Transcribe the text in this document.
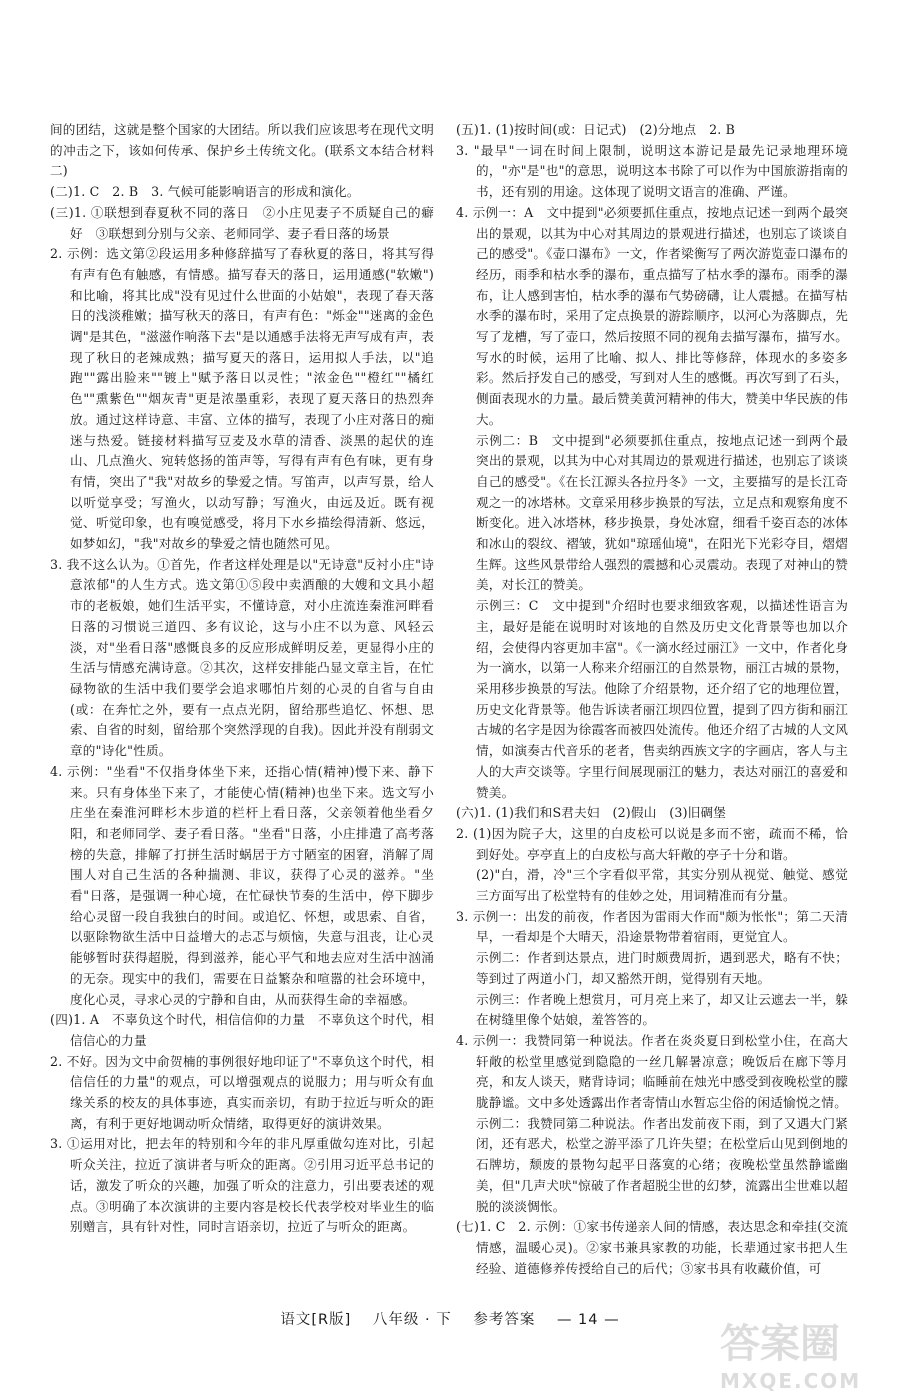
间的团结，这就是整个国家的大团结。所以我们应该思考在现代文明的冲击之下，该如何传承、保护乡土传统文化。(联系文本结合材料二)

(二)1. C　2. B　3. 气候可能影响语言的形成和演化。

(三)1. ①联想到春夏秋不同的落日　②小庄见妻子不质疑自己的癖好　③联想到分别与父亲、老师同学、妻子看日落的场景

2. 示例：选文第②段运用多种修辞描写了春秋夏的落日，将其写得有声有色有触感，有情感。描写春天的落日，运用通感("软嫩")和比喻，将其比成"没有见过什么世面的小姑娘"，表现了春天落日的浅淡稚嫩；描写秋天的落日，有声有色："烁金""迷离的金色调"是其色，"滋滋作响落下去"是以通感手法将无声写成有声，表现了秋日的老辣成熟；描写夏天的落日，运用拟人手法，以"追跑""露出脸来""镀上"赋予落日以灵性；"浓金色""橙红""橘红色""熏紫色""烟灰青"更是浓墨重彩，表现了夏天落日的热烈奔放。通过这样诗意、丰富、立体的描写，表现了小庄对落日的痴迷与热爱。链接材料描写豆麦及水草的清香、淡黑的起伏的连山、几点渔火、宛转悠扬的笛声等，写得有声有色有味，更有身有情，突出了"我"对故乡的挚爱之情。写笛声，以声写景，给人以听觉享受；写渔火，以动写静；写渔火，由远及近。既有视觉、听觉印象，也有嗅觉感受，将月下水乡描绘得清新、悠远，如梦如幻，"我"对故乡的挚爱之情也随然可见。

3. 我不这么认为。①首先，作者这样处理是以"无诗意"反衬小庄"诗意浓郁"的人生方式。选文第①⑤段中卖酒酿的大嫂和文具小超市的老板娘，她们生活平实，不懂诗意，对小庄流连秦淮河畔看日落的习惯说三道四、多有议论，这与小庄不以为意、风轻云淡，对"坐看日落"感慨良多的反应形成鲜明反差，更显得小庄的生活与情感充满诗意。②其次，这样安排能凸显文章主旨，在忙碌物欲的生活中我们要学会追求哪怕片刻的心灵的自省与自由(或：在奔忙之外，要有一点点光阴，留给那些追忆、怀想、思索、自省的时刻，留给那个突然浮现的自我)。因此并没有削弱文章的"诗化"性质。

4. 示例："坐看"不仅指身体坐下来，还指心情(精神)慢下来、静下来。只有身体坐下来了，才能使心情(精神)也坐下来。选文写小庄坐在秦淮河畔杉木步道的栏杆上看日落，父亲领着他坐看夕阳，和老师同学、妻子看日落。"坐看"日落，小庄排遣了高考落榜的失意，排解了打拼生活时蜗居于方寸陋室的困窘，消解了周围人对自己生活的各种揣测、非议，获得了心灵的滋养。"坐看"日落，是强调一种心境，在忙碌快节奏的生活中，停下脚步给心灵留一段自我独白的时间。或追忆、怀想，或思索、自省，以驱除物欲生活中日益增大的忐忑与烦恼，失意与沮丧，让心灵能够暂时获得超脱，得到滋养，能心平气和地去应对生活中汹涌的无奈。现实中的我们，需要在日益繁杂和喧嚣的社会环境中，度化心灵，寻求心灵的宁静和自由，从而获得生命的幸福感。

(四)1. A　不辜负这个时代，相信信仰的力量　不辜负这个时代，相信信心的力量

2. 不好。因为文中俞贺楠的事例很好地印证了"不辜负这个时代，相信信任的力量"的观点，可以增强观点的说服力；用与听众有血缘关系的校友的具体事迹，真实而亲切，有助于拉近与听众的距离，有利于更好地调动听众情绪，取得更好的演讲效果。

3. ①运用对比，把去年的特别和今年的非凡厚重做勾连对比，引起听众关注，拉近了演讲者与听众的距离。②引用习近平总书记的话，激发了听众的兴趣，加强了听众的注意力，引出要表述的观点。③明确了本次演讲的主要内容是校长代表学校对毕业生的临别赠言，具有针对性，同时言语亲切，拉近了与听众的距离。

(五)1. (1)按时间(或：日记式)　(2)分地点　2. B

3. "最早"一词在时间上限制，说明这本游记是最先记录地理环境的，"亦"是"也"的意思，说明这本书除了可以作为中国旅游指南的书，还有别的用途。这体现了说明文语言的准确、严谨。

4. 示例一：A　文中提到"必须要抓住重点，按地点记述一到两个最突出的景观，以其为中心对其周边的景观进行描述，也别忘了谈谈自己的感受"。《壶口瀑布》一文，作者梁衡写了两次游览壶口瀑布的经历，雨季和枯水季的瀑布，重点描写了枯水季的瀑布。雨季的瀑布，让人感到害怕，枯水季的瀑布气势磅礴，让人震撼。在描写枯水季的瀑布时，采用了定点换景的游踪顺序，以河心为落脚点，先写了龙槽，写了壶口，然后按照不同的视角去描写瀑布，描写水。写水的时候，运用了比喻、拟人、排比等修辞，体现水的多姿多彩。然后抒发自己的感受，写到对人生的感慨。再次写到了石头，侧面表现水的力量。最后赞美黄河精神的伟大，赞美中华民族的伟大。

示例二：B　文中提到"必须要抓住重点，按地点记述一到两个最突出的景观，以其为中心对其周边的景观进行描述，也别忘了谈谈自己的感受"。《在长江源头各拉丹冬》一文，主要描写的是长江奇观之一的冰塔林。文章采用移步换景的写法，立足点和观察角度不断变化。进入冰塔林，移步换景，身处冰窟，细看千姿百态的冰体和冰山的裂纹、褶皱，犹如"琼瑶仙境"，在阳光下光彩夺目，熠熠生辉。这些风景带给人强烈的震撼和心灵震动。表现了对神山的赞美，对长江的赞美。

示例三：C　文中提到"介绍时也要求细致客观，以描述性语言为主，最好是能在说明时对该地的自然及历史文化背景等也加以介绍，会使得内容更加丰富"。《一滴水经过丽江》一文中，作者化身为一滴水，以第一人称来介绍丽江的自然景物，丽江古城的景物，采用移步换景的写法。他除了介绍景物，还介绍了它的地理位置，历史文化背景等。他告诉读者丽江坝四位置，提到了四方街和丽江古城的名字是因为徐霞客而被四处流传。他还介绍了古城的人文风情，如演奏古代音乐的老者，售卖纳西族文字的字画店，客人与主人的大声交谈等。字里行间展现丽江的魅力，表达对丽江的喜爱和赞美。

(六)1. (1)我们和S君夫妇　(2)假山　(3)旧碉堡

2. (1)因为院子大，这里的白皮松可以说是多而不密，疏而不稀，恰到好处。亭亭直上的白皮松与高大轩敞的亭子十分和谐。

(2)"白，滑，冷"三个字看似平常，其实分别从视觉、触觉、感觉三方面写出了松堂特有的佳妙之处，用词精准而有分量。

3. 示例一：出发的前夜，作者因为雷雨大作而"颇为怅怅"；第二天清早，一看却是个大晴天，沿途景物带着宿雨，更觉宜人。

示例二：作者到达景点，进门时颇费周折，遇到恶犬，略有不快；等到过了两道小门，却又豁然开朗，觉得别有天地。

示例三：作者晚上想赏月，可月亮上来了，却又让云遮去一半，躲在树缝里像个姑娘，羞答答的。

4. 示例一：我赞同第一种说法。作者在炎炎夏日到松堂小住，在高大轩敞的松堂里感觉到隐隐的一丝几解暑凉意；晚饭后在廊下等月亮，和友人谈天，赌背诗词；临睡前在烛光中感受到夜晚松堂的朦胧静谧。文中多处透露出作者寄情山水暂忘尘俗的闲适愉悦之情。

示例二：我赞同第二种说法。作者出发前夜下雨，到了又遇大门紧闭，还有恶犬，松堂之游平添了几许失望；在松堂后山见到倒地的石牌坊，颓废的景物勾起平日落寞的心绪；夜晚松堂虽然静谧幽美，但"几声犬吠"惊破了作者超脱尘世的幻梦，流露出尘世难以超脱的淡淡惆怅。

(七)1. C　2. 示例：①家书传递亲人间的情感，表达思念和牵挂(交流情感，温暖心灵)。②家书兼具家教的功能，长辈通过家书把人生经验、道德修养传授给自己的后代；③家书具有收藏价值，可

语文[R版] 八年级 · 下 参考答案 — 14 —
答案圈
MXQE.COM
